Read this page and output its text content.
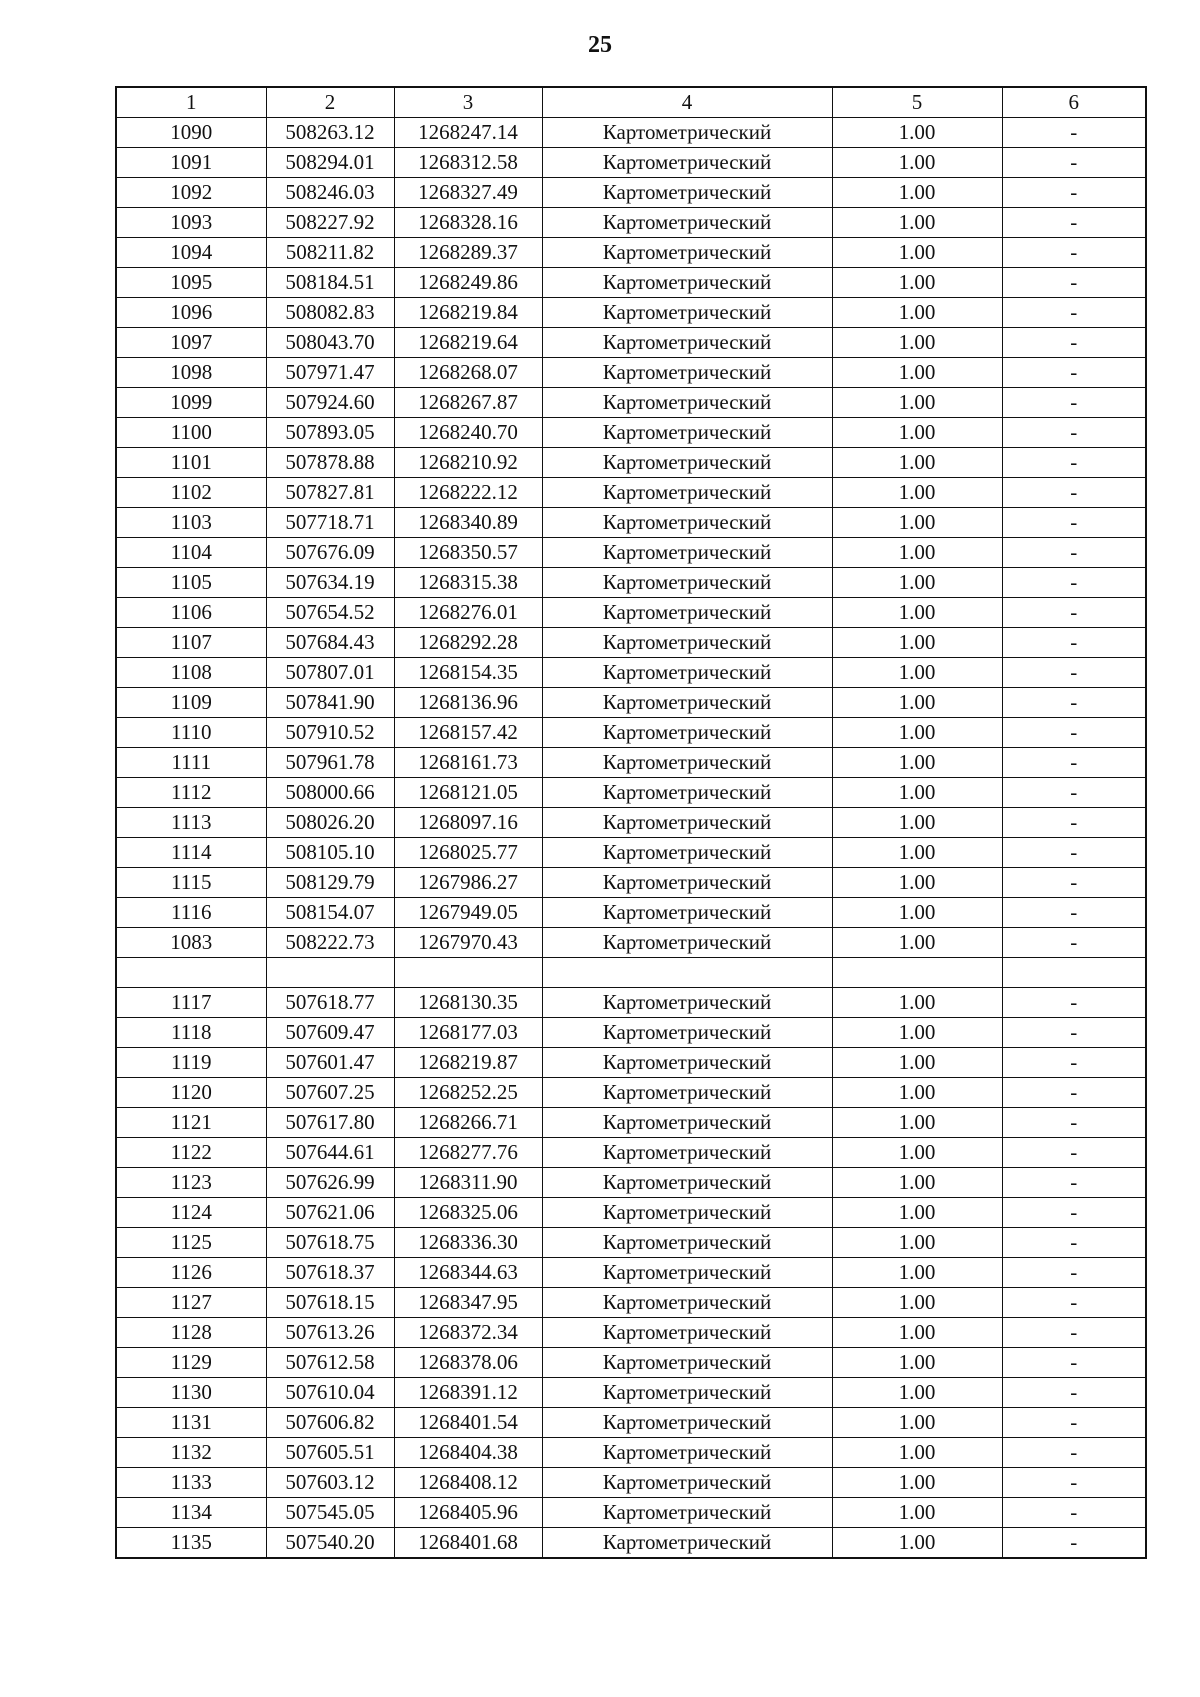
25
1	2	3	4	5	6
1090	508263.12	1268247.14	Картометрический	1.00	-
1091	508294.01	1268312.58	Картометрический	1.00	-
1092	508246.03	1268327.49	Картометрический	1.00	-
1093	508227.92	1268328.16	Картометрический	1.00	-
1094	508211.82	1268289.37	Картометрический	1.00	-
1095	508184.51	1268249.86	Картометрический	1.00	-
1096	508082.83	1268219.84	Картометрический	1.00	-
1097	508043.70	1268219.64	Картометрический	1.00	-
1098	507971.47	1268268.07	Картометрический	1.00	-
1099	507924.60	1268267.87	Картометрический	1.00	-
1100	507893.05	1268240.70	Картометрический	1.00	-
1101	507878.88	1268210.92	Картометрический	1.00	-
1102	507827.81	1268222.12	Картометрический	1.00	-
1103	507718.71	1268340.89	Картометрический	1.00	-
1104	507676.09	1268350.57	Картометрический	1.00	-
1105	507634.19	1268315.38	Картометрический	1.00	-
1106	507654.52	1268276.01	Картометрический	1.00	-
1107	507684.43	1268292.28	Картометрический	1.00	-
1108	507807.01	1268154.35	Картометрический	1.00	-
1109	507841.90	1268136.96	Картометрический	1.00	-
1110	507910.52	1268157.42	Картометрический	1.00	-
1111	507961.78	1268161.73	Картометрический	1.00	-
1112	508000.66	1268121.05	Картометрический	1.00	-
1113	508026.20	1268097.16	Картометрический	1.00	-
1114	508105.10	1268025.77	Картометрический	1.00	-
1115	508129.79	1267986.27	Картометрический	1.00	-
1116	508154.07	1267949.05	Картометрический	1.00	-
1083	508222.73	1267970.43	Картометрический	1.00	-

1117	507618.77	1268130.35	Картометрический	1.00	-
1118	507609.47	1268177.03	Картометрический	1.00	-
1119	507601.47	1268219.87	Картометрический	1.00	-
1120	507607.25	1268252.25	Картометрический	1.00	-
1121	507617.80	1268266.71	Картометрический	1.00	-
1122	507644.61	1268277.76	Картометрический	1.00	-
1123	507626.99	1268311.90	Картометрический	1.00	-
1124	507621.06	1268325.06	Картометрический	1.00	-
1125	507618.75	1268336.30	Картометрический	1.00	-
1126	507618.37	1268344.63	Картометрический	1.00	-
1127	507618.15	1268347.95	Картометрический	1.00	-
1128	507613.26	1268372.34	Картометрический	1.00	-
1129	507612.58	1268378.06	Картометрический	1.00	-
1130	507610.04	1268391.12	Картометрический	1.00	-
1131	507606.82	1268401.54	Картометрический	1.00	-
1132	507605.51	1268404.38	Картометрический	1.00	-
1133	507603.12	1268408.12	Картометрический	1.00	-
1134	507545.05	1268405.96	Картометрический	1.00	-
1135	507540.20	1268401.68	Картометрический	1.00	-
